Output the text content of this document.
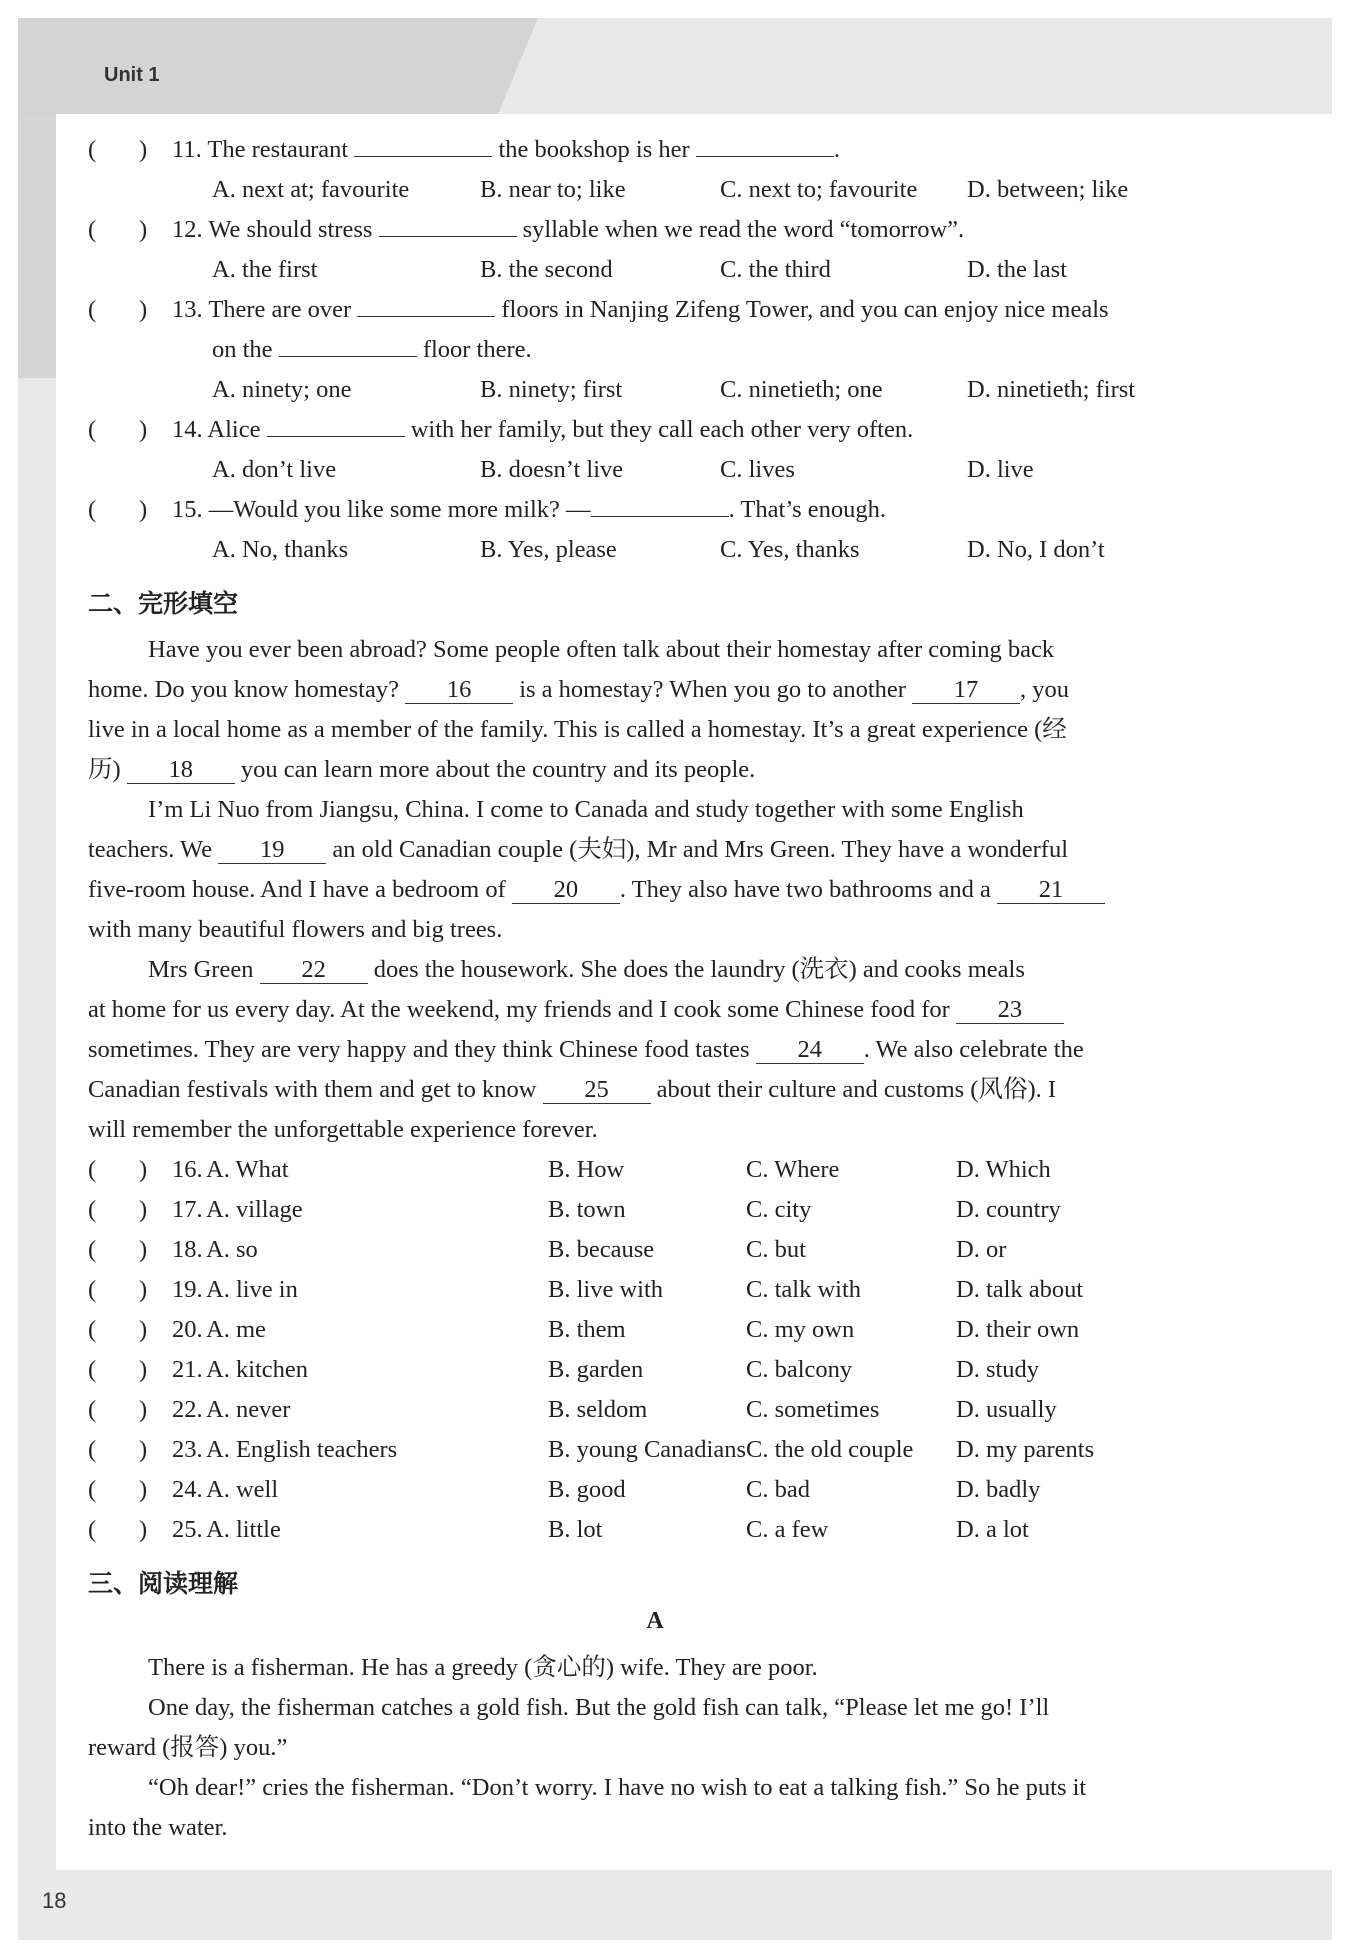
Unit 1
(       ) 11. The restaurant	the bookshop is her	.
A. next at; favourite	B. near to; like	C. next to; favourite D. between; like
(       ) 12. We should stress	syllable when we read the word “tomorrow”.
A. the first	B. the second	C. the third	D. the last
(       ) 13. There are over	floors in Nanjing Zifeng Tower, and you can enjoy nice meals
on the	floor there.
A. ninety; one	B. ninety; first	C. ninetieth; one	D. ninetieth; first
(       ) 14. Alice	with her family, but they call each other very often.
A. don’t live	B. doesn’t live	C. lives	D. live
(       ) 15. —Would you like some more milk? —	. That’s enough.
A. No, thanks	B. Yes, please	C. Yes, thanks	D. No, I don’t
二、完形填空
Have you ever been abroad? Some people often talk about their homestay after coming back
home. Do you know homestay? 16 is a homestay? When you go to another 17 , you
live in a local home as a member of the family. This is called a homestay. It’s a great experience (经
历) 18 you can learn more about the country and its people.
I’m Li Nuo from Jiangsu, China. I come to Canada and study together with some English
teachers. We 19 an old Canadian couple (夫妇), Mr and Mrs Green. They have a wonderful
five-room house. And I have a bedroom of 20 . They also have two bathrooms and a 21
with many beautiful flowers and big trees.
Mrs Green 22 does the housework. She does the laundry (洗衣) and cooks meals
at home for us every day. At the weekend, my friends and I cook some Chinese food for 23
sometimes. They are very happy and they think Chinese food tastes 24 . We also celebrate the
Canadian festivals with them and get to know 25 about their culture and customs (风俗). I
will remember the unforgettable experience forever.
(       ) 16. A. What	B. How	C. Where	D. Which
(       ) 17. A. village	B. town	C. city	D. country
(       ) 18. A. so	B. because	C. but	D. or
(       ) 19. A. live in	B. live with	C. talk with	D. talk about
(       ) 20. A. me	B. them	C. my own	D. their own
(       ) 21. A. kitchen	B. garden	C. balcony	D. study
(       ) 22. A. never	B. seldom	C. sometimes	D. usually
(       ) 23. A. English teachers	B. young Canadians C. the old couple D. my parents
(       ) 24. A. well	B. good	C. bad	D. badly
(       ) 25. A. little	B. lot	C. a few	D. a lot
三、阅读理解
A
There is a fisherman. He has a greedy (贪心的) wife. They are poor.
One day, the fisherman catches a gold fish. But the gold fish can talk, “Please let me go! I’ll
reward (报答) you.”
“Oh dear!” cries the fisherman. “Don’t worry. I have no wish to eat a talking fish.” So he puts it
into the water.
18
